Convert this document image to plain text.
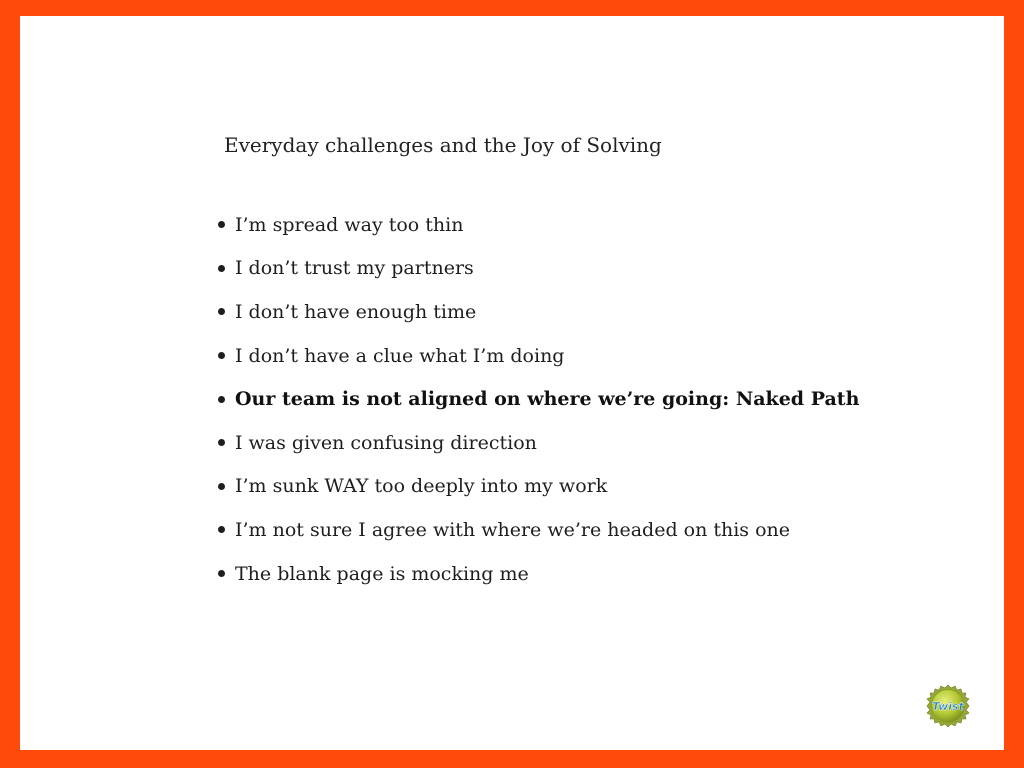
Everyday challenges and the Joy of Solving
I’m spread way too thin
I don’t trust my partners
I don’t have enough time
I don’t have a clue what I’m doing
Our team is not aligned on where we’re going: Naked Path
I was given confusing direction
I’m sunk WAY too deeply into my work
I’m not sure I agree with where we’re headed on this one
The blank page is mocking me
Twist
